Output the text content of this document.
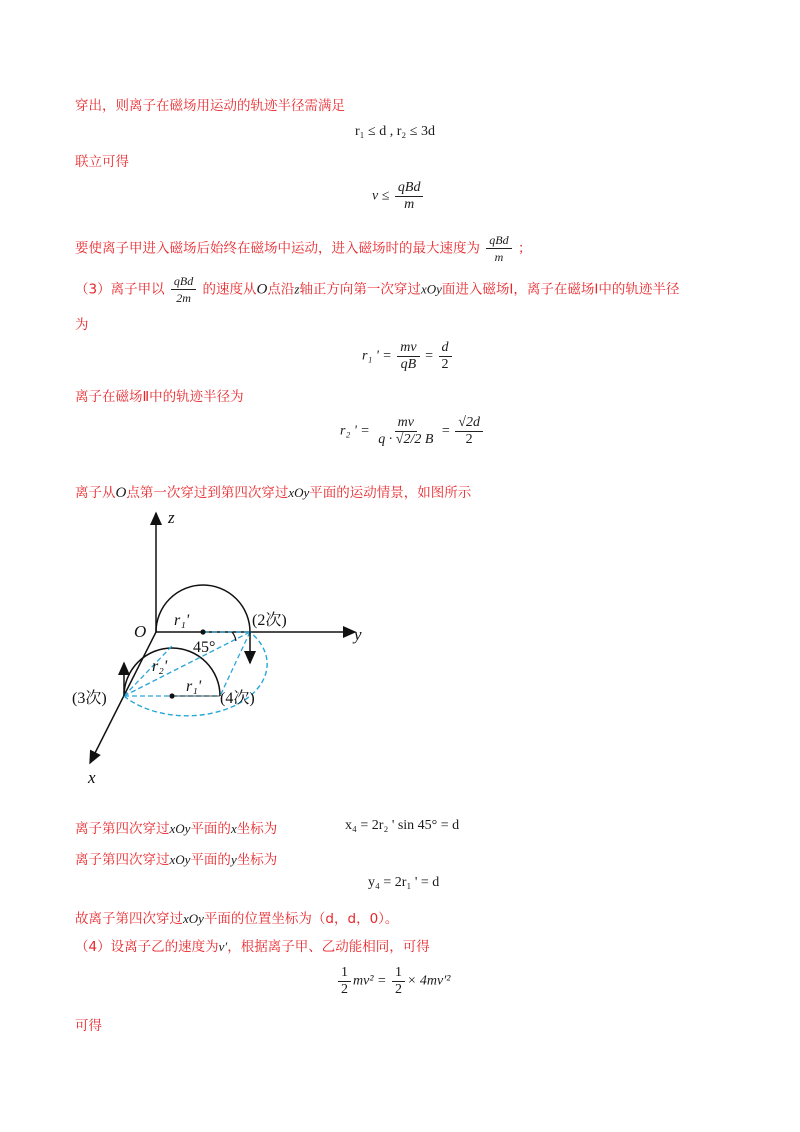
穿出，则离子在磁场用运动的轨迹半径需满足
r₁ ≤ d , r₂ ≤ 3d
联立可得
$v \le \frac{\text{qBd}}{m}$
要使离子甲进入磁场后始终在磁场中运动，进入磁场时的最大速度为 $\frac{\text{qBd}}{m}$ ；
（3）离子甲以 $\frac{\text{qBd}}{2m}$ 的速度从O点沿z轴正方向第一次穿过xOy面进入磁场Ⅰ，离子在磁场Ⅰ中的轨迹半径
为
r₁ ' = $\frac{mv}{qB} = \frac{d}{2}$
离子在磁场Ⅱ中的轨迹半径为
r₂ ' = $\frac{mv}{q \cdot √2/2 B} = \frac{√2d}{2}$
离子从O点第一次穿过到第四次穿过xOy平面的运动情景，如图所示
z
y
x
O
r₁'
45°
(2次)
r₂'
r₁'
(3次)	(4次)
离子第四次穿过xOy平面的x坐标为	x₄ = 2r₂ ' sin 45° = d
离子第四次穿过xOy平面的y坐标为
y₄ = 2r₁ ' = d
故离子第四次穿过xOy平面的位置坐标为（d，d，0）。
（4）设离子乙的速度为v′，根据离子甲、乙动能相同，可得
$\frac{1}{2} mv^2 = \frac{1}{2} \times 4mv'^2$
可得
